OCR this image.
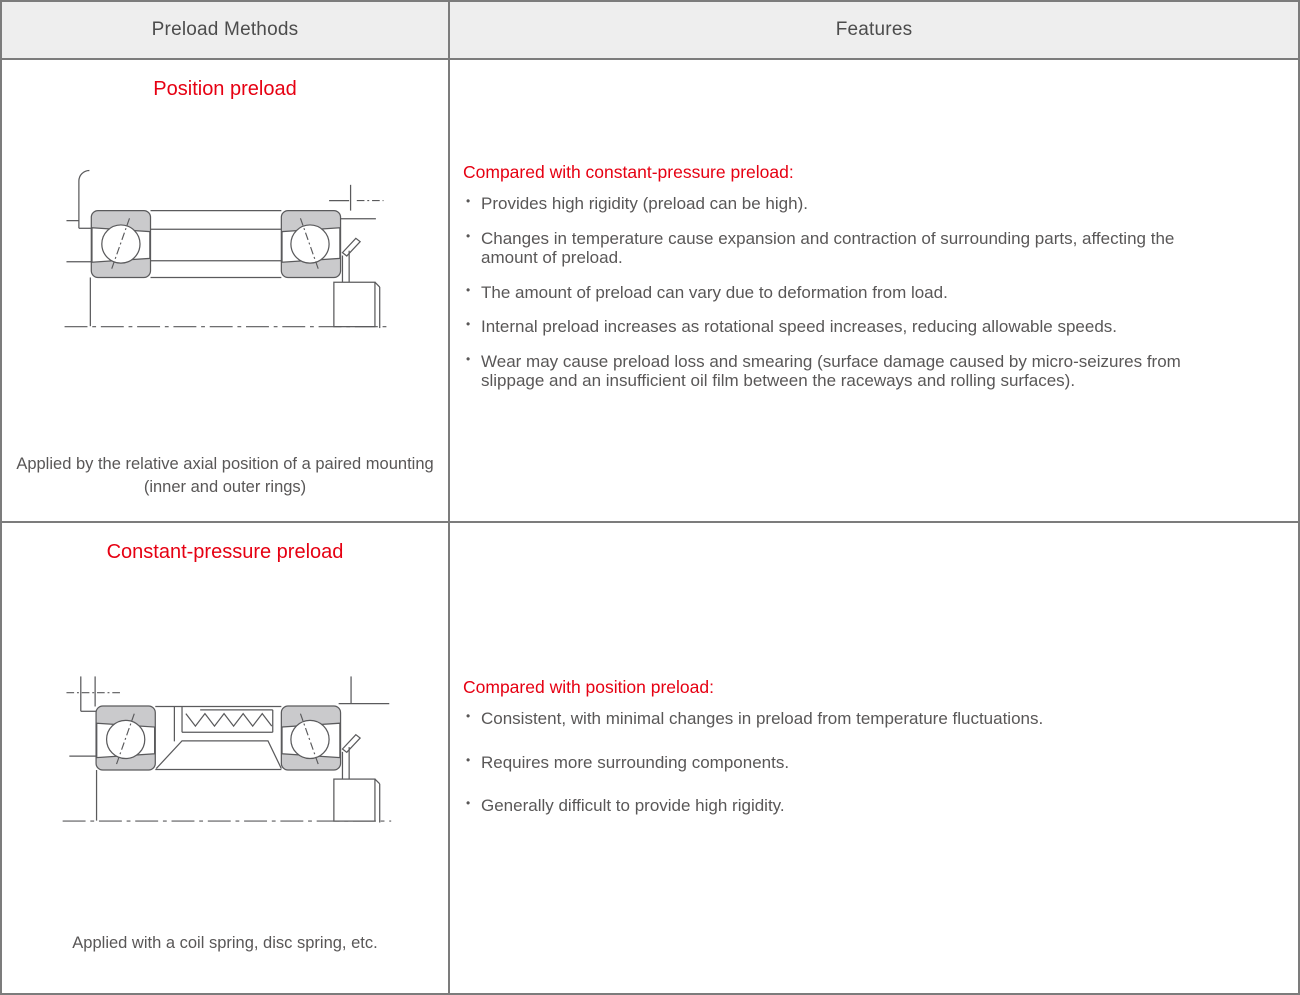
Preload Methods	Features
Position preload
Applied by the relative axial position of a paired mounting (inner and outer rings)
Compared with constant-pressure preload:
• Provides high rigidity (preload can be high).
• Changes in temperature cause expansion and contraction of surrounding parts, affecting the amount of preload.
• The amount of preload can vary due to deformation from load.
• Internal preload increases as rotational speed increases, reducing allowable speeds.
• Wear may cause preload loss and smearing (surface damage caused by micro-seizures from slippage and an insufficient oil film between the raceways and rolling surfaces).
Constant-pressure preload
Applied with a coil spring, disc spring, etc.
Compared with position preload:
• Consistent, with minimal changes in preload from temperature fluctuations.
• Requires more surrounding components.
• Generally difficult to provide high rigidity.
